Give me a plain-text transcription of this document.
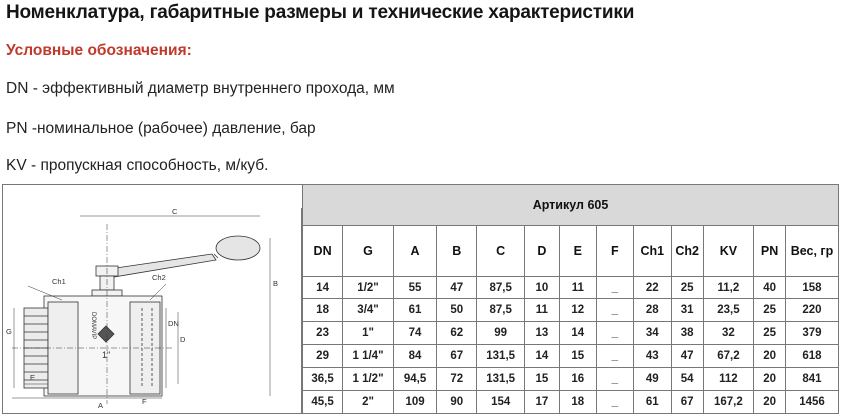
Номенклатура, габаритные размеры и технические характеристики
Условные обозначения:
DN - эффективный диаметр внутреннего прохода, мм
PN -номинальное (рабочее) давление, бар
KV - пропускная способность, м/куб.
C
B
Ch1	Ch2
G
DN
D
A
E
F
1"
DOMAVIP
Артикул 605												
DN	G	A	B	C	D	E	F	Ch1	Ch2	KV	PN	Вес, гр
14	1/2"	55	47	87,5	10	11	_	22	25	11,2	40	158
18	3/4"	61	50	87,5	11	12	_	28	31	23,5	25	220
23	1"	74	62	99	13	14	_	34	38	32	25	379
29	1 1/4"	84	67	131,5	14	15	_	43	47	67,2	20	618
36,5	1 1/2"	94,5	72	131,5	15	16	_	49	54	112	20	841
45,5	2"	109	90	154	17	18	_	61	67	167,2	20	1456
